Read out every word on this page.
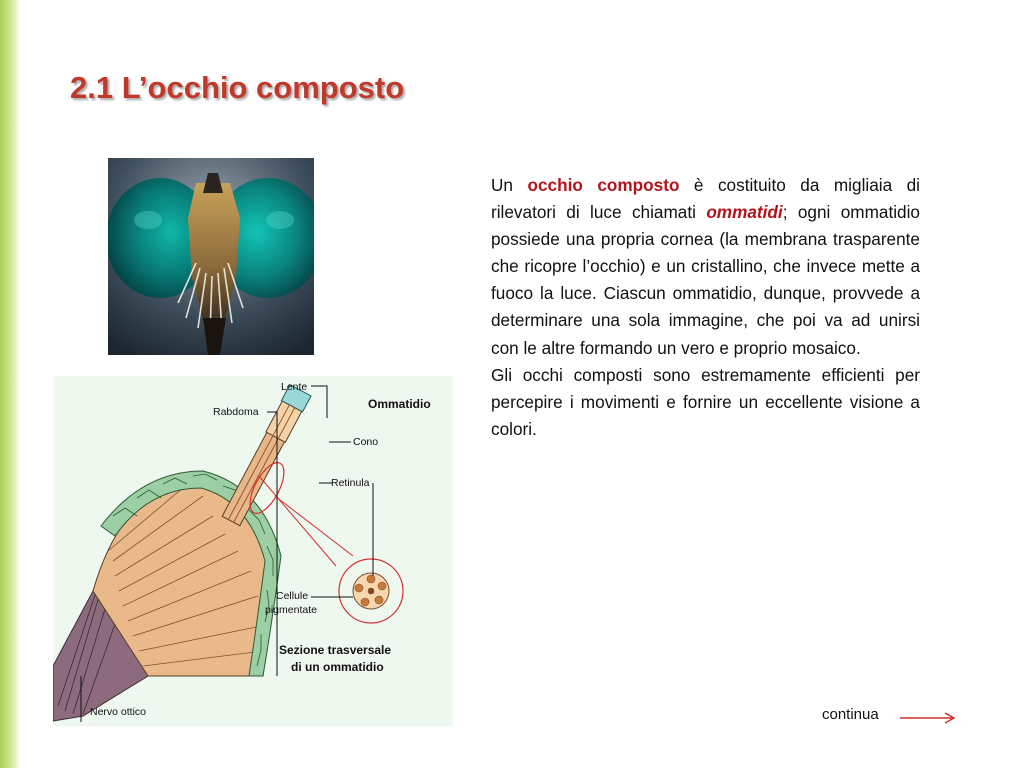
2.1 L’occhio composto
Lente
Rabdoma
Ommatidio
Cono
Retinula
Cellule
pigmentate
Sezione trasversale
di un ommatidio
Nervo ottico

Un occhio composto è costituito da migliaia di rilevatori di luce chiamati ommatidi; ogni ommatidio possiede una propria cornea (la membrana trasparente che ricopre l’occhio) e un cristallino, che invece mette a fuoco la luce. Ciascun ommatidio, dunque, provvede a determinare una sola immagine, che poi va ad unirsi con le altre formando un vero e proprio mosaico.

Gli occhi composti sono estremamente efficienti per percepire i movimenti e fornire un eccellente visione a colori.

continua
